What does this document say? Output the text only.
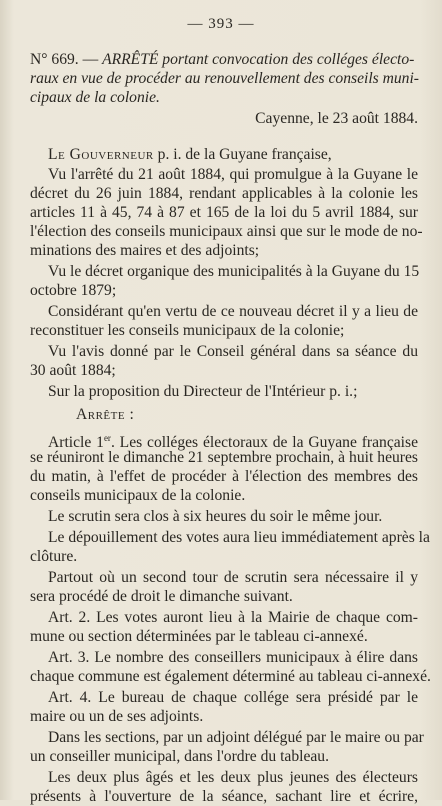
— 393 —
N° 669. — ARRÊTÉ portant convocation des colléges électo-
raux en vue de procéder au renouvellement des conseils muni-
cipaux de la colonie.
Cayenne, le 23 août 1884.
Le Gouverneur p. i. de la Guyane française,
Vu l'arrêté du 21 août 1884, qui promulgue à la Guyane le
décret du 26 juin 1884, rendant applicables à la colonie les
articles 11 à 45, 74 à 87 et 165 de la loi du 5 avril 1884, sur
l'élection des conseils municipaux ainsi que sur le mode de no-
minations des maires et des adjoints;
Vu le décret organique des municipalités à la Guyane du 15
octobre 1879;
Considérant qu'en vertu de ce nouveau décret il y a lieu de
reconstituer les conseils municipaux de la colonie;
Vu l'avis donné par le Conseil général dans sa séance du
30 août 1884;
Sur la proposition du Directeur de l'Intérieur p. i.;
Arrête :
Article 1er. Les colléges électoraux de la Guyane française
se réuniront le dimanche 21 septembre prochain, à huit heures
du matin, à l'effet de procéder à l'élection des membres des
conseils municipaux de la colonie.
Le scrutin sera clos à six heures du soir le même jour.
Le dépouillement des votes aura lieu immédiatement après la
clôture.
Partout où un second tour de scrutin sera nécessaire il y
sera procédé de droit le dimanche suivant.
Art. 2. Les votes auront lieu à la Mairie de chaque com-
mune ou section déterminées par le tableau ci-annexé.
Art. 3. Le nombre des conseillers municipaux à élire dans
chaque commune est également déterminé au tableau ci-annexé.
Art. 4. Le bureau de chaque collége sera présidé par le
maire ou un de ses adjoints.
Dans les sections, par un adjoint délégué par le maire ou par
un conseiller municipal, dans l'ordre du tableau.
Les deux plus âgés et les deux plus jeunes des électeurs
présents à l'ouverture de la séance, sachant lire et écrire,
